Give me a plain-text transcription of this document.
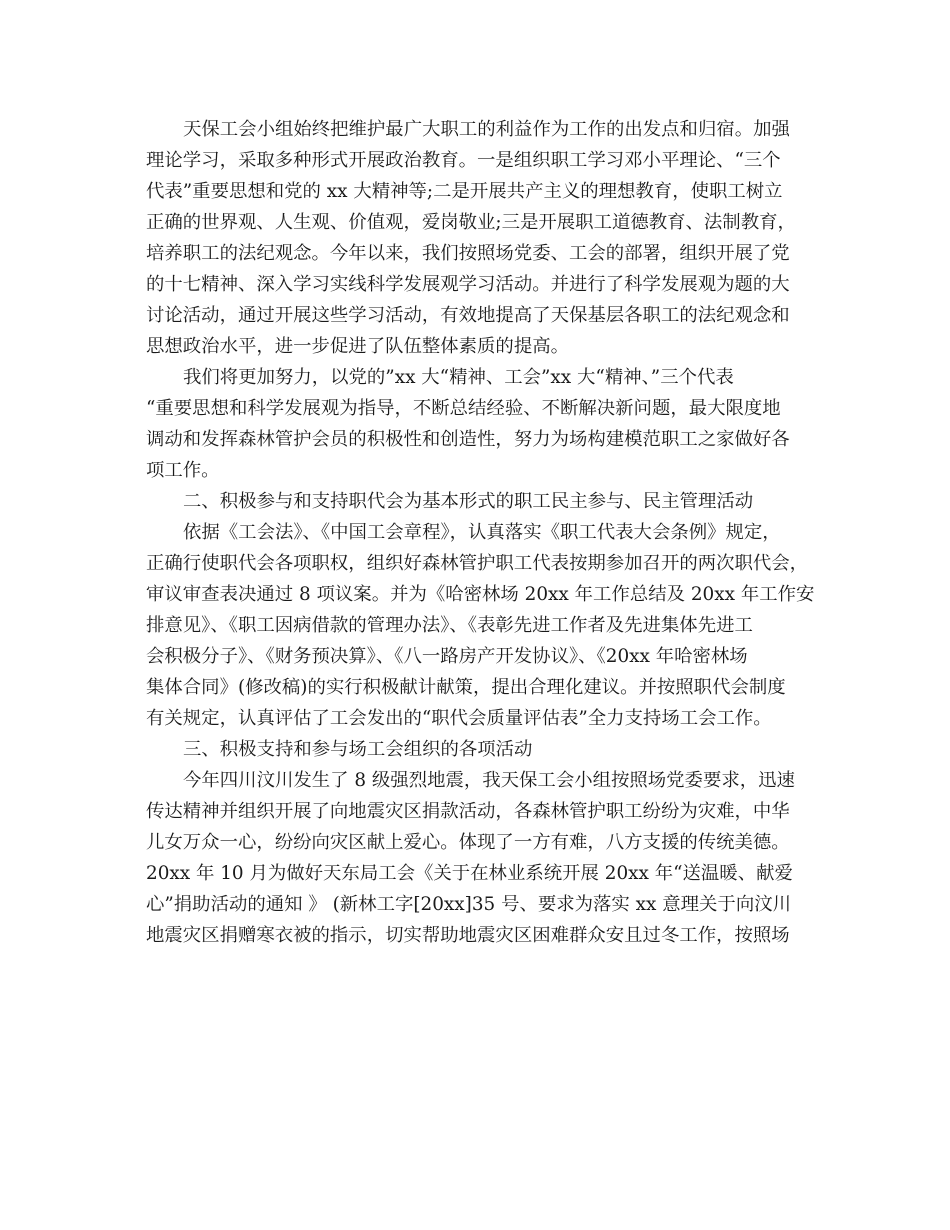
天保工会小组始终把维护最广大职工的利益作为工作的出发点和归宿。加强
理论学习，采取多种形式开展政治教育。一是组织职工学习邓小平理论、“三个
代表”重要思想和党的 xx 大精神等;二是开展共产主义的理想教育，使职工树立
正确的世界观、人生观、价值观，爱岗敬业;三是开展职工道德教育、法制教育，
培养职工的法纪观念。今年以来，我们按照场党委、工会的部署，组织开展了党
的十七精神、深入学习实线科学发展观学习活动。并进行了科学发展观为题的大
讨论活动，通过开展这些学习活动，有效地提高了天保基层各职工的法纪观念和
思想政治水平，进一步促进了队伍整体素质的提高。
我们将更加努力，以党的”xx 大“精神、工会”xx 大“精神、”三个代表
“重要思想和科学发展观为指导，不断总结经验、不断解决新问题，最大限度地
调动和发挥森林管护会员的积极性和创造性，努力为场构建模范职工之家做好各
项工作。
二、积极参与和支持职代会为基本形式的职工民主参与、民主管理活动
依据《工会法》、《中国工会章程》，认真落实《职工代表大会条例》规定，
正确行使职代会各项职权，组织好森林管护职工代表按期参加召开的两次职代会，
审议审查表决通过 8 项议案。并为《哈密林场 20xx 年工作总结及 20xx 年工作安
排意见》、《职工因病借款的管理办法》、《表彰先进工作者及先进集体先进工
会积极分子》、《财务预决算》、《八一路房产开发协议》、《20xx 年哈密林场
集体合同》(修改稿)的实行积极献计献策，提出合理化建议。并按照职代会制度
有关规定，认真评估了工会发出的“职代会质量评估表”全力支持场工会工作。
三、积极支持和参与场工会组织的各项活动
今年四川汶川发生了 8 级强烈地震，我天保工会小组按照场党委要求，迅速
传达精神并组织开展了向地震灾区捐款活动，各森林管护职工纷纷为灾难，中华
儿女万众一心，纷纷向灾区献上爱心。体现了一方有难，八方支援的传统美德。
20xx 年 10 月为做好天东局工会《关于在林业系统开展 20xx 年“送温暖、献爱
心”捐助活动的通知 》 (新林工字[20xx]35 号、要求为落实 xx 意理关于向汶川
地震灾区捐赠寒衣被的指示，切实帮助地震灾区困难群众安且过冬工作，按照场
